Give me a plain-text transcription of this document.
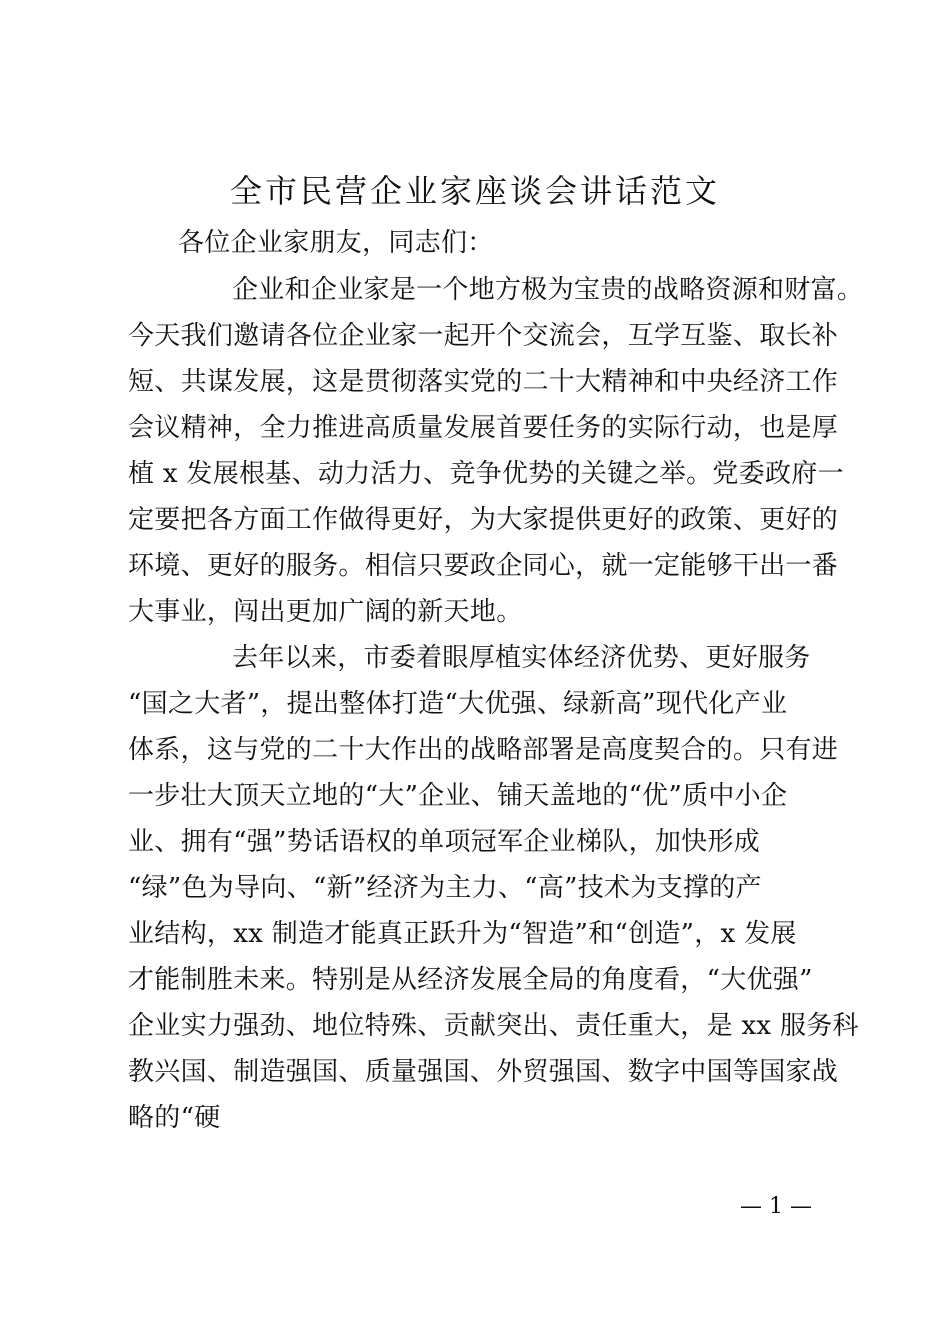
全市民营企业家座谈会讲话范文
各位企业家朋友，同志们：
企业和企业家是一个地方极为宝贵的战略资源和财富。
今天我们邀请各位企业家一起开个交流会，互学互鉴、取长补
短、共谋发展，这是贯彻落实党的二十大精神和中央经济工作
会议精神，全力推进高质量发展首要任务的实际行动，也是厚
植 x 发展根基、动力活力、竞争优势的关键之举。党委政府一
定要把各方面工作做得更好，为大家提供更好的政策、更好的
环境、更好的服务。相信只要政企同心，就一定能够干出一番
大事业，闯出更加广阔的新天地。
去年以来，市委着眼厚植实体经济优势、更好服务
“国之大者”，提出整体打造“大优强、绿新高”现代化产业
体系，这与党的二十大作出的战略部署是高度契合的。只有进
一步壮大顶天立地的“大”企业、铺天盖地的“优”质中小企
业、拥有“强”势话语权的单项冠军企业梯队，加快形成
“绿”色为导向、“新”经济为主力、“高”技术为支撑的产
业结构，xx 制造才能真正跃升为“智造”和“创造”，x 发展
才能制胜未来。特别是从经济发展全局的角度看，“大优强”
企业实力强劲、地位特殊、贡献突出、责任重大，是 xx 服务科
教兴国、制造强国、质量强国、外贸强国、数字中国等国家战
略的“硬
— 1 —
